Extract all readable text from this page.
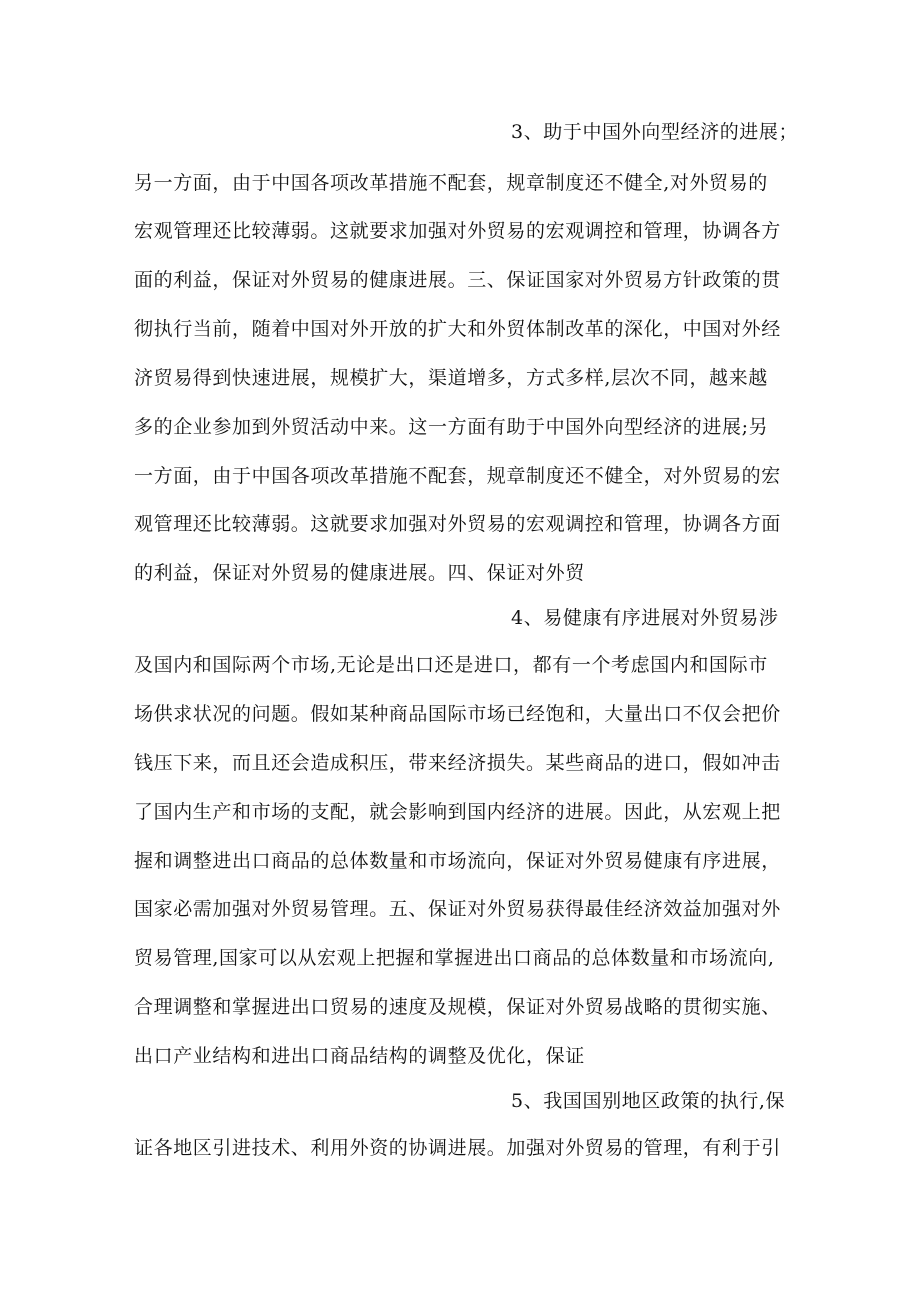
3、助于中国外向型经济的进展；
另一方面，由于中国各项改革措施不配套，规章制度还不健全,对外贸易的
宏观管理还比较薄弱。这就要求加强对外贸易的宏观调控和管理，协调各方
面的利益，保证对外贸易的健康进展。三、保证国家对外贸易方针政策的贯
彻执行当前，随着中国对外开放的扩大和外贸体制改革的深化，中国对外经
济贸易得到快速进展，规模扩大，渠道增多，方式多样,层次不同，越来越
多的企业参加到外贸活动中来。这一方面有助于中国外向型经济的进展;另
一方面，由于中国各项改革措施不配套，规章制度还不健全，对外贸易的宏
观管理还比较薄弱。这就要求加强对外贸易的宏观调控和管理，协调各方面
的利益，保证对外贸易的健康进展。四、保证对外贸
4、易健康有序进展对外贸易涉
及国内和国际两个市场,无论是出口还是进口，都有一个考虑国内和国际市
场供求状况的问题。假如某种商品国际市场已经饱和，大量出口不仅会把价
钱压下来，而且还会造成积压，带来经济损失。某些商品的进口，假如冲击
了国内生产和市场的支配，就会影响到国内经济的进展。因此，从宏观上把
握和调整进出口商品的总体数量和市场流向，保证对外贸易健康有序进展，
国家必需加强对外贸易管理。五、保证对外贸易获得最佳经济效益加强对外
贸易管理,国家可以从宏观上把握和掌握进出口商品的总体数量和市场流向,
合理调整和掌握进出口贸易的速度及规模，保证对外贸易战略的贯彻实施、
出口产业结构和进出口商品结构的调整及优化，保证
5、我国国别地区政策的执行,保
证各地区引进技术、利用外资的协调进展。加强对外贸易的管理，有利于引
